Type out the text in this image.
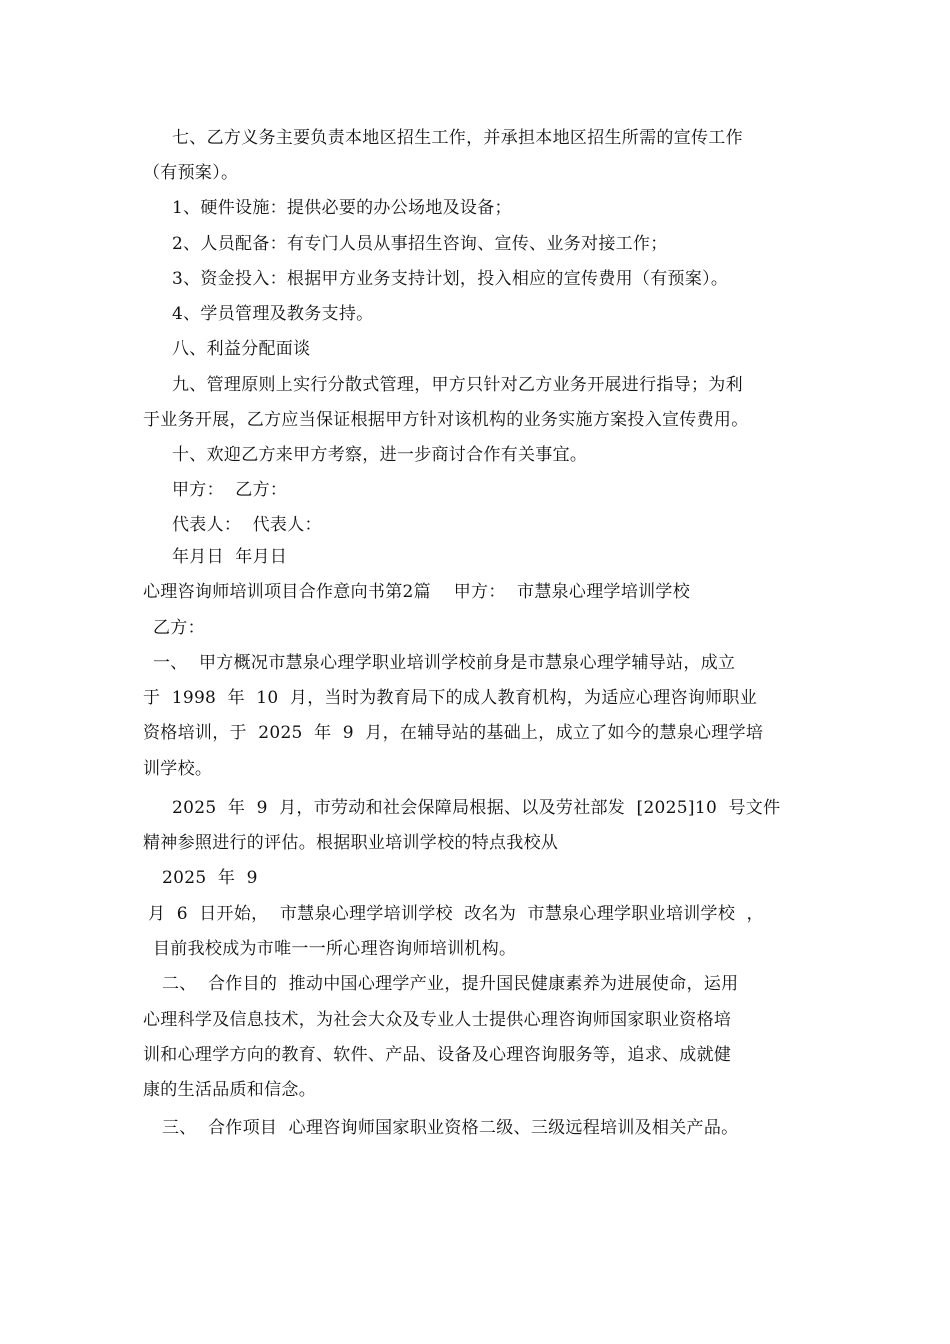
七、乙方义务主要负责本地区招生工作，并承担本地区招生所需的宣传工作
（有预案）。
1、硬件设施：提供必要的办公场地及设备；
2、人员配备：有专门人员从事招生咨询、宣传、业务对接工作；
3、资金投入：根据甲方业务支持计划，投入相应的宣传费用（有预案）。
4、学员管理及教务支持。
八、利益分配面谈
九、管理原则上实行分散式管理，甲方只针对乙方业务开展进行指导；为利
于业务开展，乙方应当保证根据甲方针对该机构的业务实施方案投入宣传费用。
十、欢迎乙方来甲方考察，进一步商讨合作有关事宜。
甲方：  乙方：
代表人：  代表人：
年月日  年月日
心理咨询师培训项目合作意向书第2篇    甲方：  市慧泉心理学培训学校
乙方：
一、  甲方概况市慧泉心理学职业培训学校前身是市慧泉心理学辅导站，成立
于  1998  年  10  月，当时为教育局下的成人教育机构，为适应心理咨询师职业
资格培训，于  2025  年  9  月，在辅导站的基础上，成立了如今的慧泉心理学培
训学校。
2025  年  9  月，市劳动和社会保障局根据、以及劳社部发  [2025]10  号文件
精神参照进行的评估。根据职业培训学校的特点我校从
2025  年  9
月  6  日开始，  市慧泉心理学培训学校  改名为  市慧泉心理学职业培训学校  ，
目前我校成为市唯一一所心理咨询师培训机构。
二、  合作目的  推动中国心理学产业，提升国民健康素养为进展使命，运用
心理科学及信息技术，为社会大众及专业人士提供心理咨询师国家职业资格培
训和心理学方向的教育、软件、产品、设备及心理咨询服务等，追求、成就健
康的生活品质和信念。
三、  合作项目  心理咨询师国家职业资格二级、三级远程培训及相关产品。
